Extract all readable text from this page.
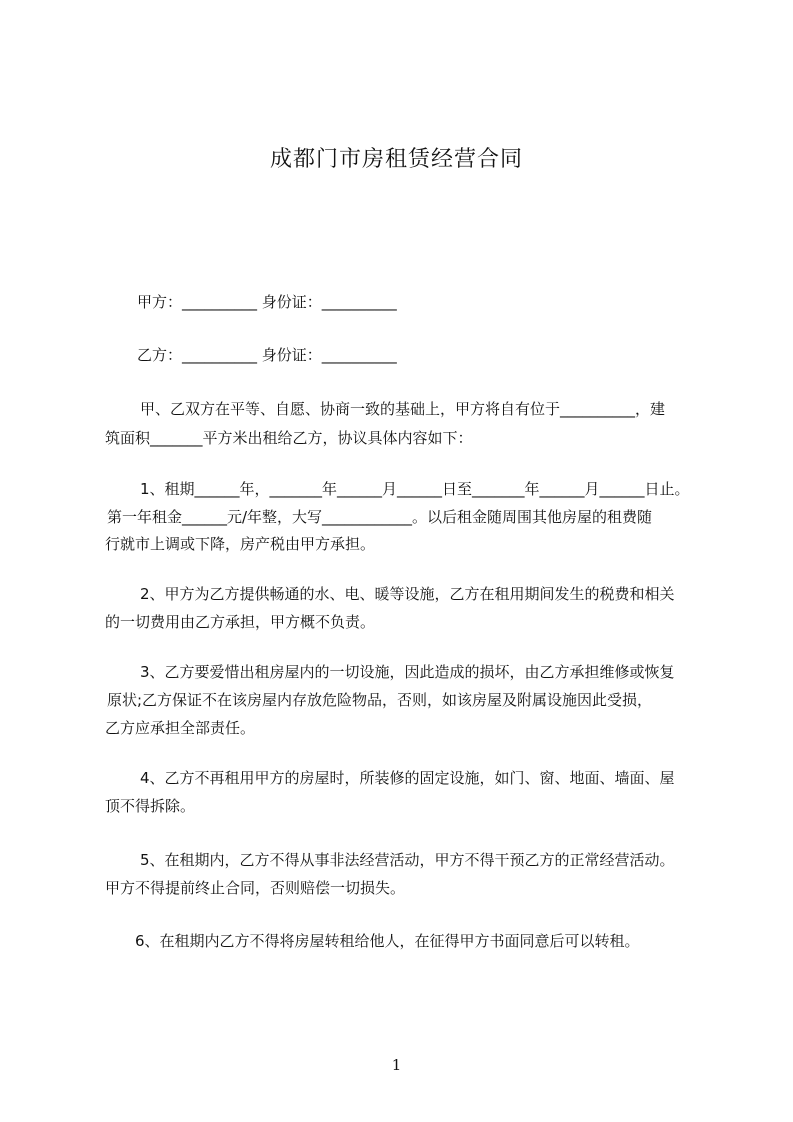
成都门市房租赁经营合同
甲方：__________ 身份证：__________
乙方：__________ 身份证：__________
甲、乙双方在平等、自愿、协商一致的基础上，甲方将自有位于__________，建
筑面积_______平方米出租给乙方，协议具体内容如下：
1、租期______年，_______年______月______日至_______年______月______日止。
第一年租金______元/年整，大写____________。以后租金随周围其他房屋的租费随
行就市上调或下降，房产税由甲方承担。
2、甲方为乙方提供畅通的水、电、暖等设施，乙方在租用期间发生的税费和相关
的一切费用由乙方承担，甲方概不负责。
3、乙方要爱惜出租房屋内的一切设施，因此造成的损坏，由乙方承担维修或恢复
原状;乙方保证不在该房屋内存放危险物品，否则，如该房屋及附属设施因此受损，
乙方应承担全部责任。
4、乙方不再租用甲方的房屋时，所装修的固定设施，如门、窗、地面、墙面、屋
顶不得拆除。
5、在租期内，乙方不得从事非法经营活动，甲方不得干预乙方的正常经营活动。
甲方不得提前终止合同，否则赔偿一切损失。
6、在租期内乙方不得将房屋转租给他人，在征得甲方书面同意后可以转租。
1
